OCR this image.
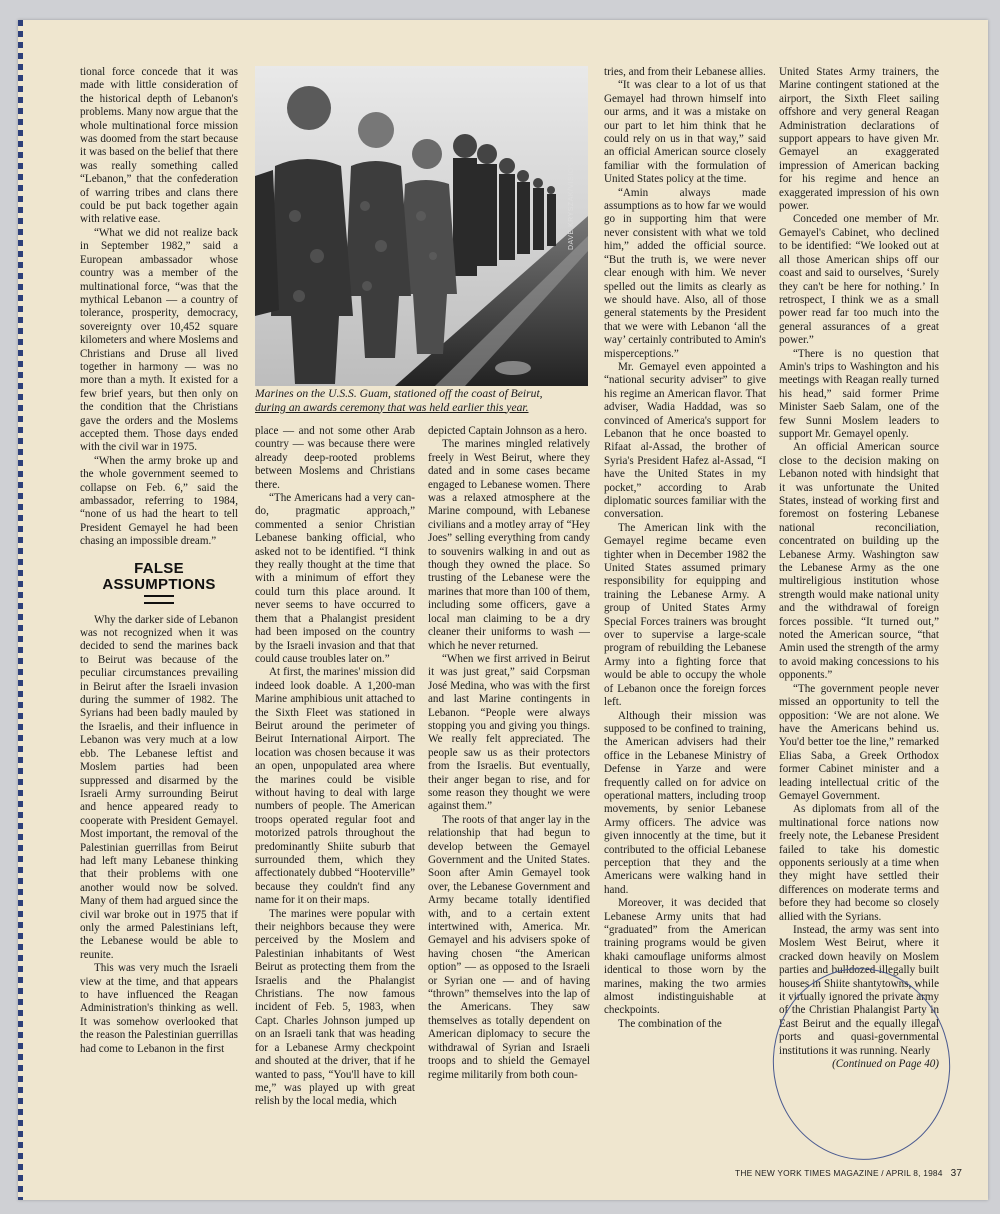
tional force concede that it was made with little consideration of the historical depth of Lebanon's problems. Many now argue that the whole multinational force mission was doomed from the start because it was based on the belief that there was really something called “Lebanon,” that the confederation of warring tribes and clans there could be put back together again with relative ease.

“What we did not realize back in September 1982,” said a European ambassador whose country was a member of the multinational force, “was that the mythical Lebanon — a country of tolerance, prosperity, democracy, sovereignty over 10,452 square kilometers and where Moslems and Christians and Druse all lived together in harmony — was no more than a myth. It existed for a few brief years, but then only on the condition that the Christians gave the orders and the Moslems accepted them. Those days ended with the civil war in 1975.

“When the army broke up and the whole government seemed to collapse on Feb. 6,” said the ambassador, referring to 1984, “none of us had the heart to tell President Gemayel he had been chasing an impossible dream.”

FALSE
ASSUMPTIONS

Why the darker side of Lebanon was not recognized when it was decided to send the marines back to Beirut was because of the peculiar circumstances prevailing in Beirut after the Israeli invasion during the summer of 1982. The Syrians had been badly mauled by the Israelis, and their influence in Lebanon was very much at a low ebb. The Lebanese leftist and Moslem parties had been suppressed and disarmed by the Israeli Army surrounding Beirut and hence appeared ready to cooperate with President Gemayel. Most important, the removal of the Palestinian guerrillas from Beirut had left many Lebanese thinking that their problems with one another would now be solved. Many of them had argued since the civil war broke out in 1975 that if only the armed Palestinians left, the Lebanese would be able to reunite.

This was very much the Israeli view at the time, and that appears to have influenced the Reagan Administration's thinking as well. It was somehow overlooked that the reason the Palestinian guerrillas had come to Lebanon in the first

DAVE KRYSZAK/VISIONS
Marines on the U.S.S. Guam, stationed off the coast of Beirut,
during an awards ceremony that was held earlier this year.

place — and not some other Arab country — was because there were already deep-rooted problems between Moslems and Christians there.

“The Americans had a very can-do, pragmatic approach,” commented a senior Christian Lebanese banking official, who asked not to be identified. “I think they really thought at the time that with a minimum of effort they could turn this place around. It never seems to have occurred to them that a Phalangist president had been imposed on the country by the Israeli invasion and that that could cause troubles later on.”

At first, the marines' mission did indeed look doable. A 1,200-man Marine amphibious unit attached to the Sixth Fleet was stationed in Beirut around the perimeter of Beirut International Airport. The location was chosen because it was an open, unpopulated area where the marines could be visible without having to deal with large numbers of people. The American troops operated regular foot and motorized patrols throughout the predominantly Shiite suburb that surrounded them, which they affectionately dubbed “Hooterville” because they couldn't find any name for it on their maps.

The marines were popular with their neighbors because they were perceived by the Moslem and Palestinian inhabitants of West Beirut as protecting them from the Israelis and the Phalangist Christians. The now famous incident of Feb. 5, 1983, when Capt. Charles Johnson jumped up on an Israeli tank that was heading for a Lebanese Army checkpoint and shouted at the driver, that if he wanted to pass, “You'll have to kill me,” was played up with great relish by the local media, which

depicted Captain Johnson as a hero.

The marines mingled relatively freely in West Beirut, where they dated and in some cases became engaged to Lebanese women. There was a relaxed atmosphere at the Marine compound, with Lebanese civilians and a motley array of “Hey Joes” selling everything from candy to souvenirs walking in and out as though they owned the place. So trusting of the Lebanese were the marines that more than 100 of them, including some officers, gave a local man claiming to be a dry cleaner their uniforms to wash — which he never returned.

“When we first arrived in Beirut it was just great,” said Corpsman José Medina, who was with the first and last Marine contingents in Lebanon. “People were always stopping you and giving you things. We really felt appreciated. The people saw us as their protectors from the Israelis. But eventually, their anger began to rise, and for some reason they thought we were against them.”

The roots of that anger lay in the relationship that had begun to develop between the Gemayel Government and the United States. Soon after Amin Gemayel took over, the Lebanese Government and Army became totally identified with, and to a certain extent intertwined with, America. Mr. Gemayel and his advisers spoke of having chosen “the American option” — as opposed to the Israeli or Syrian one — and of having “thrown” themselves into the lap of the Americans. They saw themselves as totally dependent on American diplomacy to secure the withdrawal of Syrian and Israeli troops and to shield the Gemayel regime militarily from both coun-

tries, and from their Lebanese allies.

“It was clear to a lot of us that Gemayel had thrown himself into our arms, and it was a mistake on our part to let him think that he could rely on us in that way,” said an official American source closely familiar with the formulation of United States policy at the time.

“Amin always made assumptions as to how far we would go in supporting him that were never consistent with what we told him,” added the official source. “But the truth is, we were never clear enough with him. We never spelled out the limits as clearly as we should have. Also, all of those general statements by the President that we were with Lebanon ‘all the way’ certainly contributed to Amin's misperceptions.”

Mr. Gemayel even appointed a “national security adviser” to give his regime an American flavor. That adviser, Wadia Haddad, was so convinced of America's support for Lebanon that he once boasted to Rifaat al-Assad, the brother of Syria's President Hafez al-Assad, “I have the United States in my pocket,” according to Arab diplomatic sources familiar with the conversation.

The American link with the Gemayel regime became even tighter when in December 1982 the United States assumed primary responsibility for equipping and training the Lebanese Army. A group of United States Army Special Forces trainers was brought over to supervise a large-scale program of rebuilding the Lebanese Army into a fighting force that would be able to occupy the whole of Lebanon once the foreign forces left.

Although their mission was supposed to be confined to training, the American advisers had their office in the Lebanese Ministry of Defense in Yarze and were frequently called on for advice on operational matters, including troop movements, by senior Lebanese Army officers. The advice was given innocently at the time, but it contributed to the official Lebanese perception that they and the Americans were walking hand in hand.

Moreover, it was decided that Lebanese Army units that had “graduated” from the American training programs would be given khaki camouflage uniforms almost identical to those worn by the marines, making the two armies almost indistinguishable at checkpoints.

The combination of the

United States Army trainers, the Marine contingent stationed at the airport, the Sixth Fleet sailing offshore and very general Reagan Administration declarations of support appears to have given Mr. Gemayel an exaggerated impression of American backing for his regime and hence an exaggerated impression of his own power.

Conceded one member of Mr. Gemayel's Cabinet, who declined to be identified: “We looked out at all those American ships off our coast and said to ourselves, ‘Surely they can't be here for nothing.’ In retrospect, I think we as a small power read far too much into the general assurances of a great power.”

“There is no question that Amin's trips to Washington and his meetings with Reagan really turned his head,” said former Prime Minister Saeb Salam, one of the few Sunni Moslem leaders to support Mr. Gemayel openly.

An official American source close to the decision making on Lebanon noted with hindsight that it was unfortunate the United States, instead of working first and foremost on fostering Lebanese national reconciliation, concentrated on building up the Lebanese Army. Washington saw the Lebanese Army as the one multireligious institution whose strength would make national unity and the withdrawal of foreign forces possible. “It turned out,” noted the American source, “that Amin used the strength of the army to avoid making concessions to his opponents.”

“The government people never missed an opportunity to tell the opposition: ‘We are not alone. We have the Americans behind us. You'd better toe the line,” remarked Elias Saba, a Greek Orthodox former Cabinet minister and a leading intellectual critic of the Gemayel Government.

As diplomats from all of the multinational force nations now freely note, the Lebanese President failed to take his domestic opponents seriously at a time when they might have settled their differences on moderate terms and before they had become so closely allied with the Syrians.

Instead, the army was sent into Moslem West Beirut, where it cracked down heavily on Moslem parties and bulldozed illegally built houses in Shiite shantytowns, while it virtually ignored the private army of the Christian Phalangist Party in East Beirut and the equally illegal ports and quasi-governmental institutions it was running. Nearly

(Continued on Page 40)

THE NEW YORK TIMES MAGAZINE / APRIL 8, 1984 37
